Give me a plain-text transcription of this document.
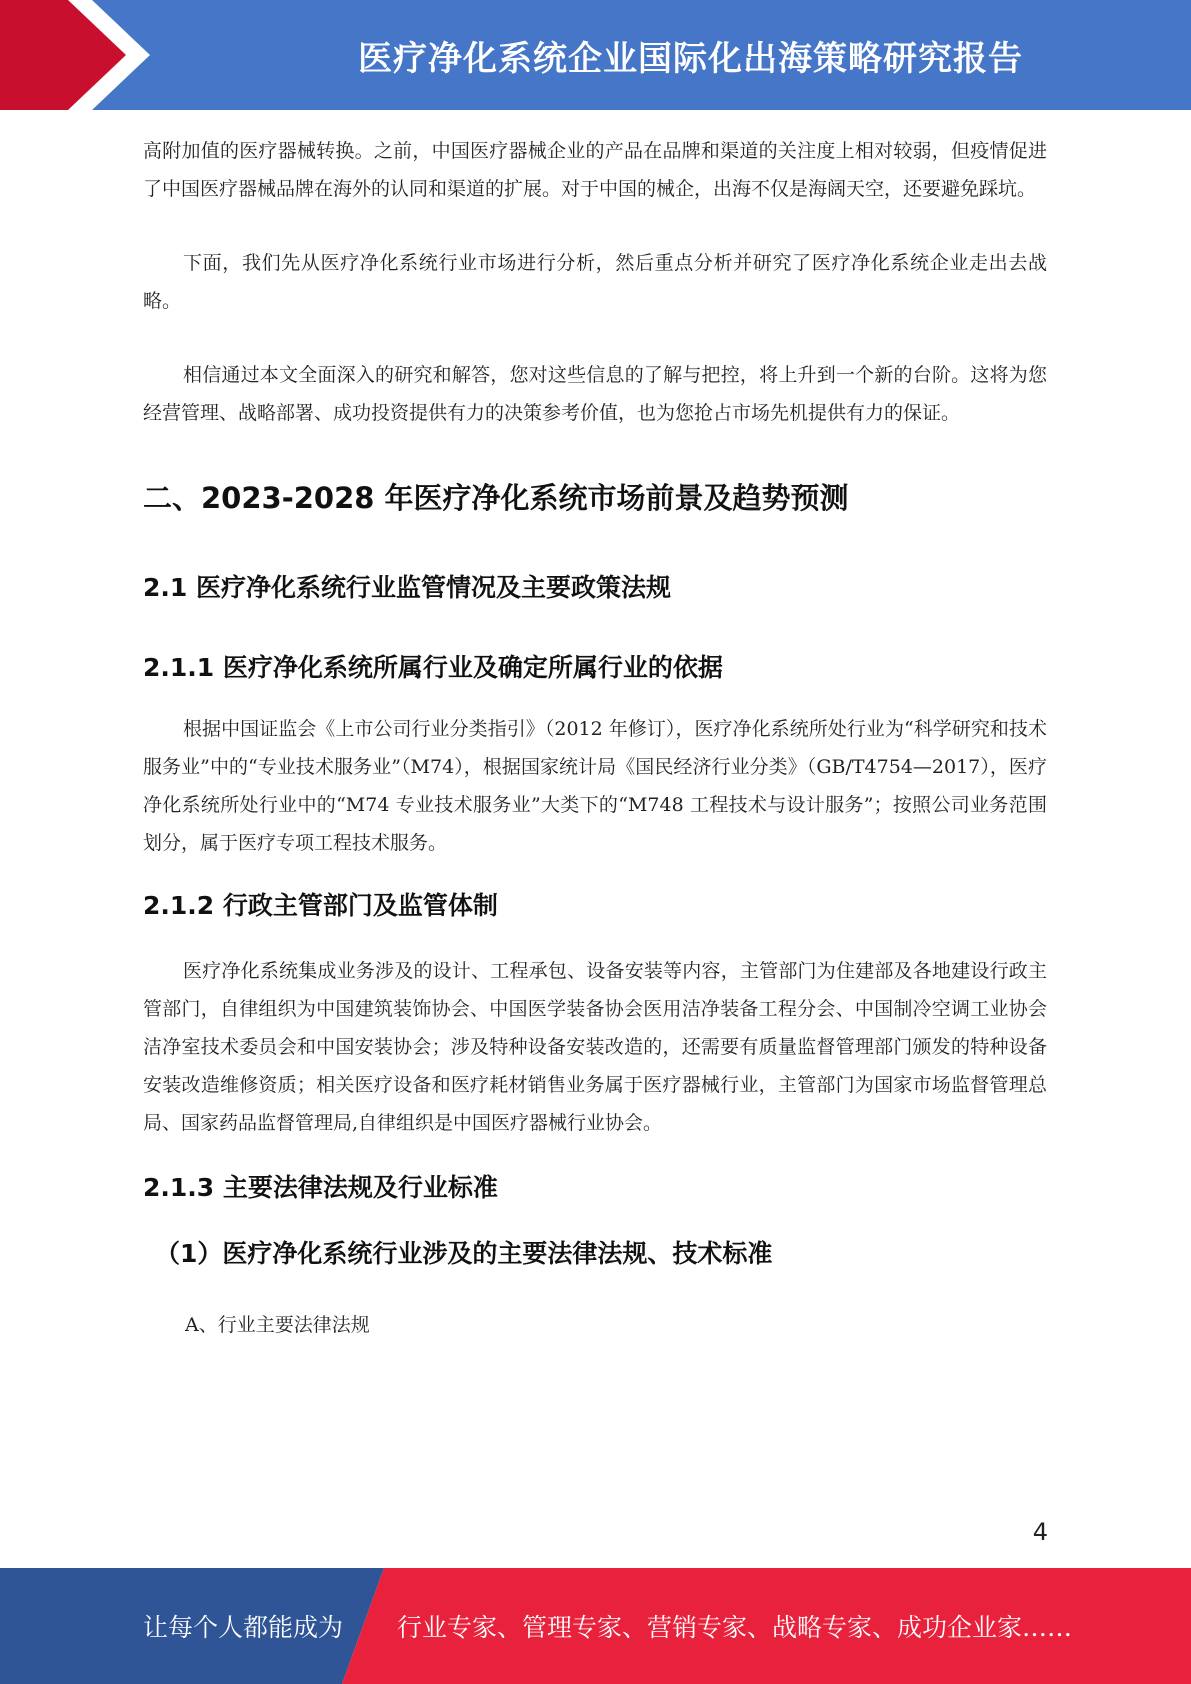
医疗净化系统企业国际化出海策略研究报告

高附加值的医疗器械转换。之前，中国医疗器械企业的产品在品牌和渠道的关注度上相对较弱，但疫情促进了中国医疗器械品牌在海外的认同和渠道的扩展。对于中国的械企，出海不仅是海阔天空，还要避免踩坑。

下面，我们先从医疗净化系统行业市场进行分析，然后重点分析并研究了医疗净化系统企业走出去战略。

相信通过本文全面深入的研究和解答，您对这些信息的了解与把控，将上升到一个新的台阶。这将为您经营管理、战略部署、成功投资提供有力的决策参考价值，也为您抢占市场先机提供有力的保证。

二、2023-2028 年医疗净化系统市场前景及趋势预测
2.1 医疗净化系统行业监管情况及主要政策法规
2.1.1 医疗净化系统所属行业及确定所属行业的依据

根据中国证监会《上市公司行业分类指引》（2012 年修订），医疗净化系统所处行业为“科学研究和技术服务业”中的“专业技术服务业”（M74），根据国家统计局《国民经济行业分类》（GB/T4754—2017），医疗净化系统所处行业中的“M74 专业技术服务业”大类下的“M748 工程技术与设计服务”；按照公司业务范围划分，属于医疗专项工程技术服务。

2.1.2 行政主管部门及监管体制

医疗净化系统集成业务涉及的设计、工程承包、设备安装等内容，主管部门为住建部及各地建设行政主管部门，自律组织为中国建筑装饰协会、中国医学装备协会医用洁净装备工程分会、中国制冷空调工业协会洁净室技术委员会和中国安装协会；涉及特种设备安装改造的，还需要有质量监督管理部门颁发的特种设备安装改造维修资质；相关医疗设备和医疗耗材销售业务属于医疗器械行业，主管部门为国家市场监督管理总局、国家药品监督管理局,自律组织是中国医疗器械行业协会。

2.1.3 主要法律法规及行业标准
（1）医疗净化系统行业涉及的主要法律法规、技术标准

A、行业主要法律法规

4
让每个人都能成为 行业专家、管理专家、营销专家、战略专家、成功企业家……
